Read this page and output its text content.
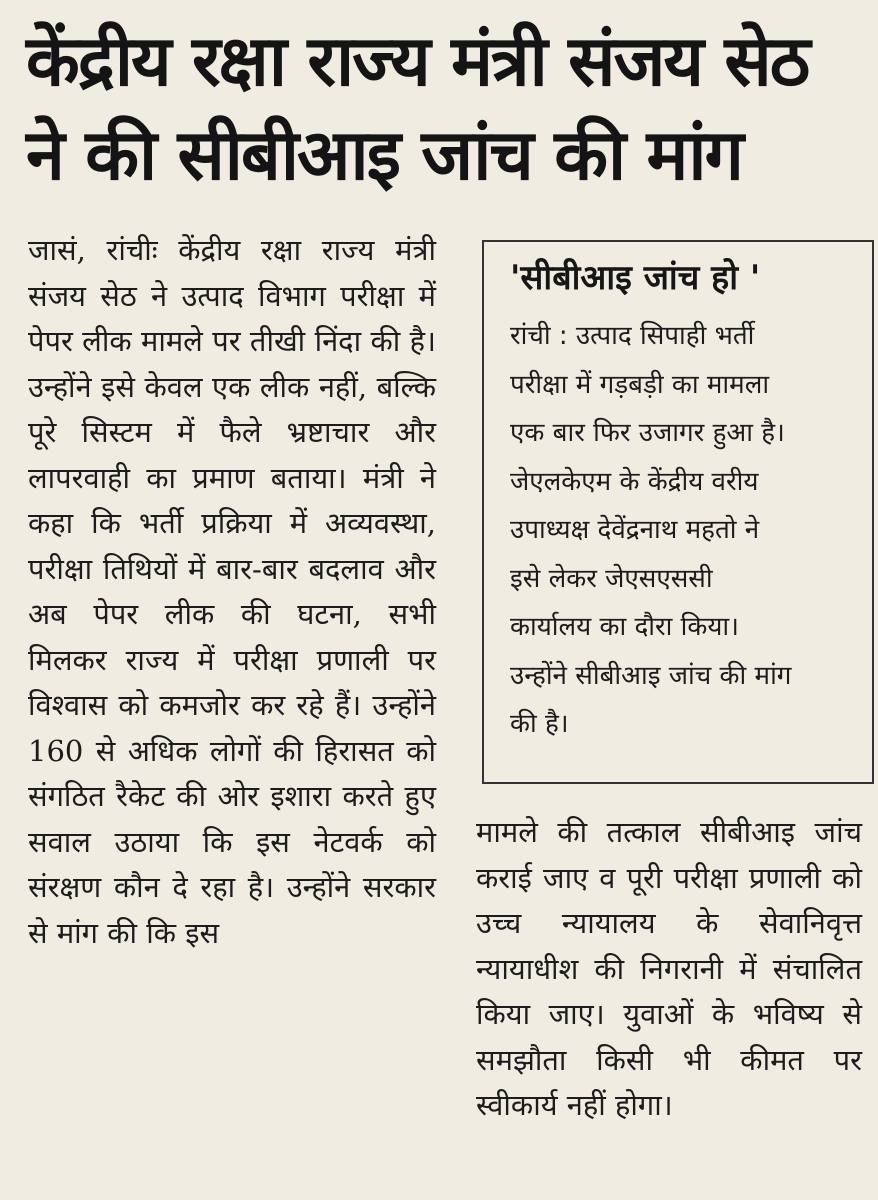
केंद्रीय रक्षा राज्य मंत्री संजय सेठ
ने की सीबीआइ जांच की मांग
जासं, रांचीः केंद्रीय रक्षा राज्य मंत्री संजय सेठ ने उत्पाद विभाग परीक्षा में पेपर लीक मामले पर तीखी निंदा की है। उन्होंने इसे केवल एक लीक नहीं, बल्कि पूरे सिस्टम में फैले भ्रष्टाचार और लापरवाही का प्रमाण बताया। मंत्री ने कहा कि भर्ती प्रक्रिया में अव्यवस्था, परीक्षा तिथियों में बार-बार बदलाव और अब पेपर लीक की घटना, सभी मिलकर राज्य में परीक्षा प्रणाली पर विश्वास को कमजोर कर रहे हैं। उन्होंने 160 से अधिक लोगों की हिरासत को संगठित रैकेट की ओर इशारा करते हुए सवाल उठाया कि इस नेटवर्क को संरक्षण कौन दे रहा है। उन्होंने सरकार से मांग की कि इस
'सीबीआइ जांच हो '
रांची : उत्पाद सिपाही भर्ती
परीक्षा में गड़बड़ी का मामला
एक बार फिर उजागर हुआ है।
जेएलकेएम के केंद्रीय वरीय
उपाध्यक्ष देवेंद्रनाथ महतो ने
इसे लेकर जेएसएससी
कार्यालय का दौरा किया।
उन्होंने सीबीआइ जांच की मांग
की है।
मामले की तत्काल सीबीआइ जांच कराई जाए व पूरी परीक्षा प्रणाली को उच्च न्यायालय के सेवानिवृत्त न्यायाधीश की निगरानी में संचालित किया जाए। युवाओं के भविष्य से समझौता किसी भी कीमत पर स्वीकार्य नहीं होगा।
